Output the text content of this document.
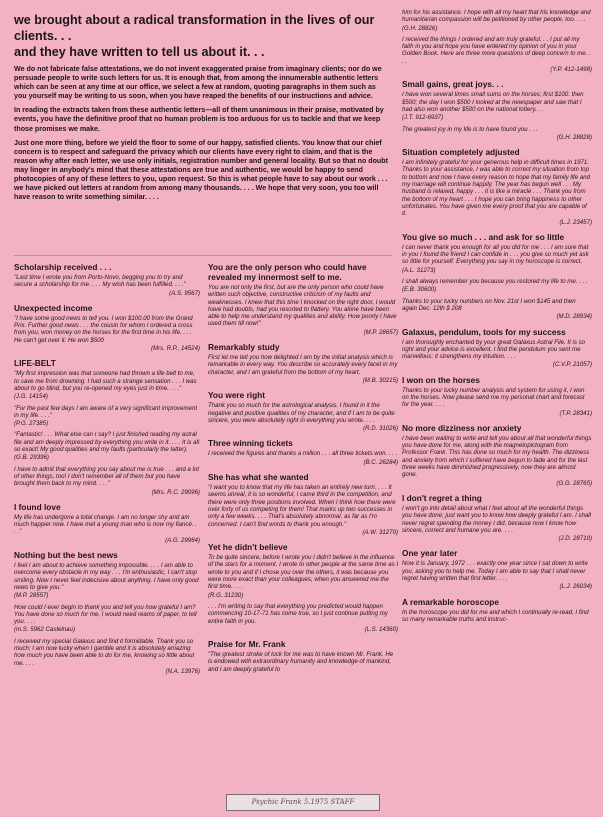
we brought about a radical transformation in the lives of our clients. . .
and they have written to tell us about it. . .
We do not fabricate false attestations, we do not invent exaggerated praise from imaginary clients; nor do we persuade people to write such letters for us. It is enough that, from among the innumerable authentic letters which can be seen at any time at our office, we select a few at random, quoting paragraphs in them such as you yourself may be writing to us soon, when you have reaped the benefits of our instructions and advice.
In reading the extracts taken from these authentic letters—all of them unanimous in their praise, motivated by events, you have the definitive proof that no human problem is too arduous for us to tackle and that we keep those promises we make.
Just one more thing, before we yield the floor to some of our happy, satisfied clients. You know that our chief concern is to respect and safeguard the privacy which our clients have every right to claim, and that is the reason why after each letter, we use only initials, registration number and general locality. But so that no doubt may linger in anybody's mind that these attestations are true and authentic, we would be happy to send photocopies of any of these letters to you, upon request. So this is what people have to say about our work . . . we have picked out letters at random from among many thousands. . . . We hope that very soon, you too will have reason to write something similar. . . .
Scholarship received . . .
"Last time I wrote you from Porto-Novo, begging you to try and secure a scholarship for me. . . . My wish has been fulfilled. . . ."
(A.S. 9567)
Unexpected income
"I have some good news to tell you. I won $100.00 from the Grand Prix. Further good news . . . the cousin for whom I ordered a cross from you, won money on the horses for the first time in his life. . . . He can't get over it. He won $500
(Mrs. R.P., 14524)
LIFE-BELT
"My first impression was that someone had thrown a life belt to me, to save me from drowning. I had such a strange sensation . . . I was about to go blind, but you re-opened my eyes just in time. . . ."
(J.G. 14154)
"For the past few days I am aware of a very significant improvement in my life. . . ."
(P.G. 27385)
"Fantastic! . . . What else can I say? I just finished reading my astral file and am deeply impressed by everything you write in it. . . . It is all so exact! My good qualities and my faults (particularly the latter).
(G.B. 29396)
I have to admit that everything you say about me is true . . . and a lot of other things, too! I don't remember all of them but you have brought them back to my mind. . . ."
(Mrs. R.C. 29096)
I found love
My life has undergone a total change. I am no longer shy and am much happier now. I have met a young man who is now my fiancé. . . ."
(A.G. 29964)
Nothing but the best news
I feel I am about to achieve something impossible. . . . I am able to overcome every obstacle in my way . . . I'm enthusiastic, I can't stop smiling. Now I never feel indecisive about anything. I have only good news to give you."
(M.P. 28557)
How could I ever begin to thank you and tell you how grateful I am? You have done so much for me, I would need reams of paper, to tell you. . . .
(m.S. 5962 Castelnau)
I received my special Galaxus and find it formidable. Thank you so much; I am now lucky when I gamble and it is absolutely amazing how much you have been able to do for me, knowing so little about me. . . .
(N.A. 13976)
You are the only person who could have revealed my innermost self to me.
You are not only the first, but are the only person who could have written such objective, constructive criticism of my faults and weaknesses. I knew that this time I knocked on the right door. I would have had doubts, had you resorted to flattery. You alone have been able to help me understand my qualities and ability. How poorly I have used them till now!"
(M.P. 28657)
Remarkably study
First let me tell you how delighted I am by the initial analysis which is remarkable in every way. You describe so accurately every facet in my character, and I am grateful from the bottom of my heart.
(M.B. 30215)
You were right
Thank you so much for the astrological analysis. I found in it the negative and positive qualities of my character, and if I am to be quite sincere, you were absolutely right in everything you wrote. . . .
(R.D. 31026)
Three winning tickets
I received the figures and thanks a million . . . all three tickets won. . . .
(B.C. 26284)
She has what she wanted
"I want you to know that my life has taken an entirely new turn. . . . It seems unreal, it is so wonderful, I came third in the competition, and there were only three positions involved. When I think how there were over forty of us competing for them! That marks up two successes in only a few weeks. . . . That's absolutely abnormal, as far as I'm concerned. I can't find words to thank you enough."
(A.W. 31270)
Yet he didn't believe
To be quite sincere, before I wrote you I didn't believe in the influence of the stars for a moment. I wrote to other people at the same time as I wrote to you and if I chose you over the others, it was because you were more exact than your colleagues, when you answered me the first time. . . .
(R.G. 31230)
. . . I'm writing to say that everything you predicted would happen commencing 10-17-71 has come true, so I just continue putting my entire faith in you.
(L.S. 14360)
Praise for Mr. Frank
"The greatest stroke of luck for me was to have known Mr. Frank. He is endowed with extraordinary humanity and knowledge of mankind, and I am deeply grateful to
him for his assistance. I hope with all my heart that his knowledge and humanitarian compassion will be petitioned by other people, too. . . .
(G.H. 28826)
I received the things I ordered and am truly grateful. . . I put all my faith in you and hope you have entered my opinion of you in your Golden Book. Here are three more questions of deep concern to me. . . .
(Y.P. 412-1498)
Small gains, great joys. . .
I have won several times small sums on the horses; first $100. then $500; the day I won $500 I looked at the newspaper and saw that I had also won another $500 on the national lottery. . .
(J.T. 912-6937)
The greatest joy in my life is to have found you . . .
(G.H. 28828)
Situation completely adjusted
I am infinitely grateful for your generous help in difficult times in 1971. Thanks to your assistance, I was able to correct my situation from top to bottom and now I have every reason to hope that my family life and my marriage will continue happily. The year has begun well . . . My husband is relaxed, happy . . . it is like a miracle . . . Thank you from the bottom of my heart . . . I hope you can bring happiness to other unfortunates. You have given me every proof that you are capable of it.
(L.J. 23457)
You give so much . . . and ask for so little
I can never thank you enough for all you did for me . . . I am sure that in you I found the friend I can confide in . . . you give so much yet ask so little for yourself. Everything you say in my horoscope is correct.
(A.L. 31273)
I shall always remember you because you restored my life to me. . . .
(E.B. 30600)
Thanks to your lucky numbers on Nov. 21st I won $145 and then again Dec. 12th $ 208
(M.D. 28934)
Galaxus, pendulum, tools for my success
I am thoroughly enchanted by your great Galaxus Astral File. It is so right and your advice is excellent. I find the pendulum you sent me marvellous; it strengthens my intuition. . . .
(C.V.P. 21057)
I won on the horses
Thanks to your lucky number analysis and system for using it, I won on the horses. Now please send me my personal chart and forecast for the year. . . .
(T.P. 28341)
No more dizziness nor anxiety
I have been waiting to write and tell you about all that wonderful things you have done for me, along with the magnetopictogram from Professor Frank. This has done so much for my health. The dizziness and anxiety from which I suffered have begun to fade and for the last three weeks have diminished progressively, now they are almost gone.
(G.G. 28765)
I don't regret a thing
I won't go into detail about what I feel about all the wonderful things you have done; just want you to know how deeply grateful I am. I shall never regret spending the money I did, because now I know how sincere, correct and humane you are. . . .
(J.D. 28710)
One year later
Now it is January, 1972 . . . exactly one year since I sat down to write you, asking you to help me. Today I am able to say that I shall never regret having written that first letter. . . .
(L.J. 26034)
A remarkable horoscope
In the horoscope you did for me and which I continually re-read, I find so many remarkable truths and instruc-
Psychic Frank 5.1975 STAFF
